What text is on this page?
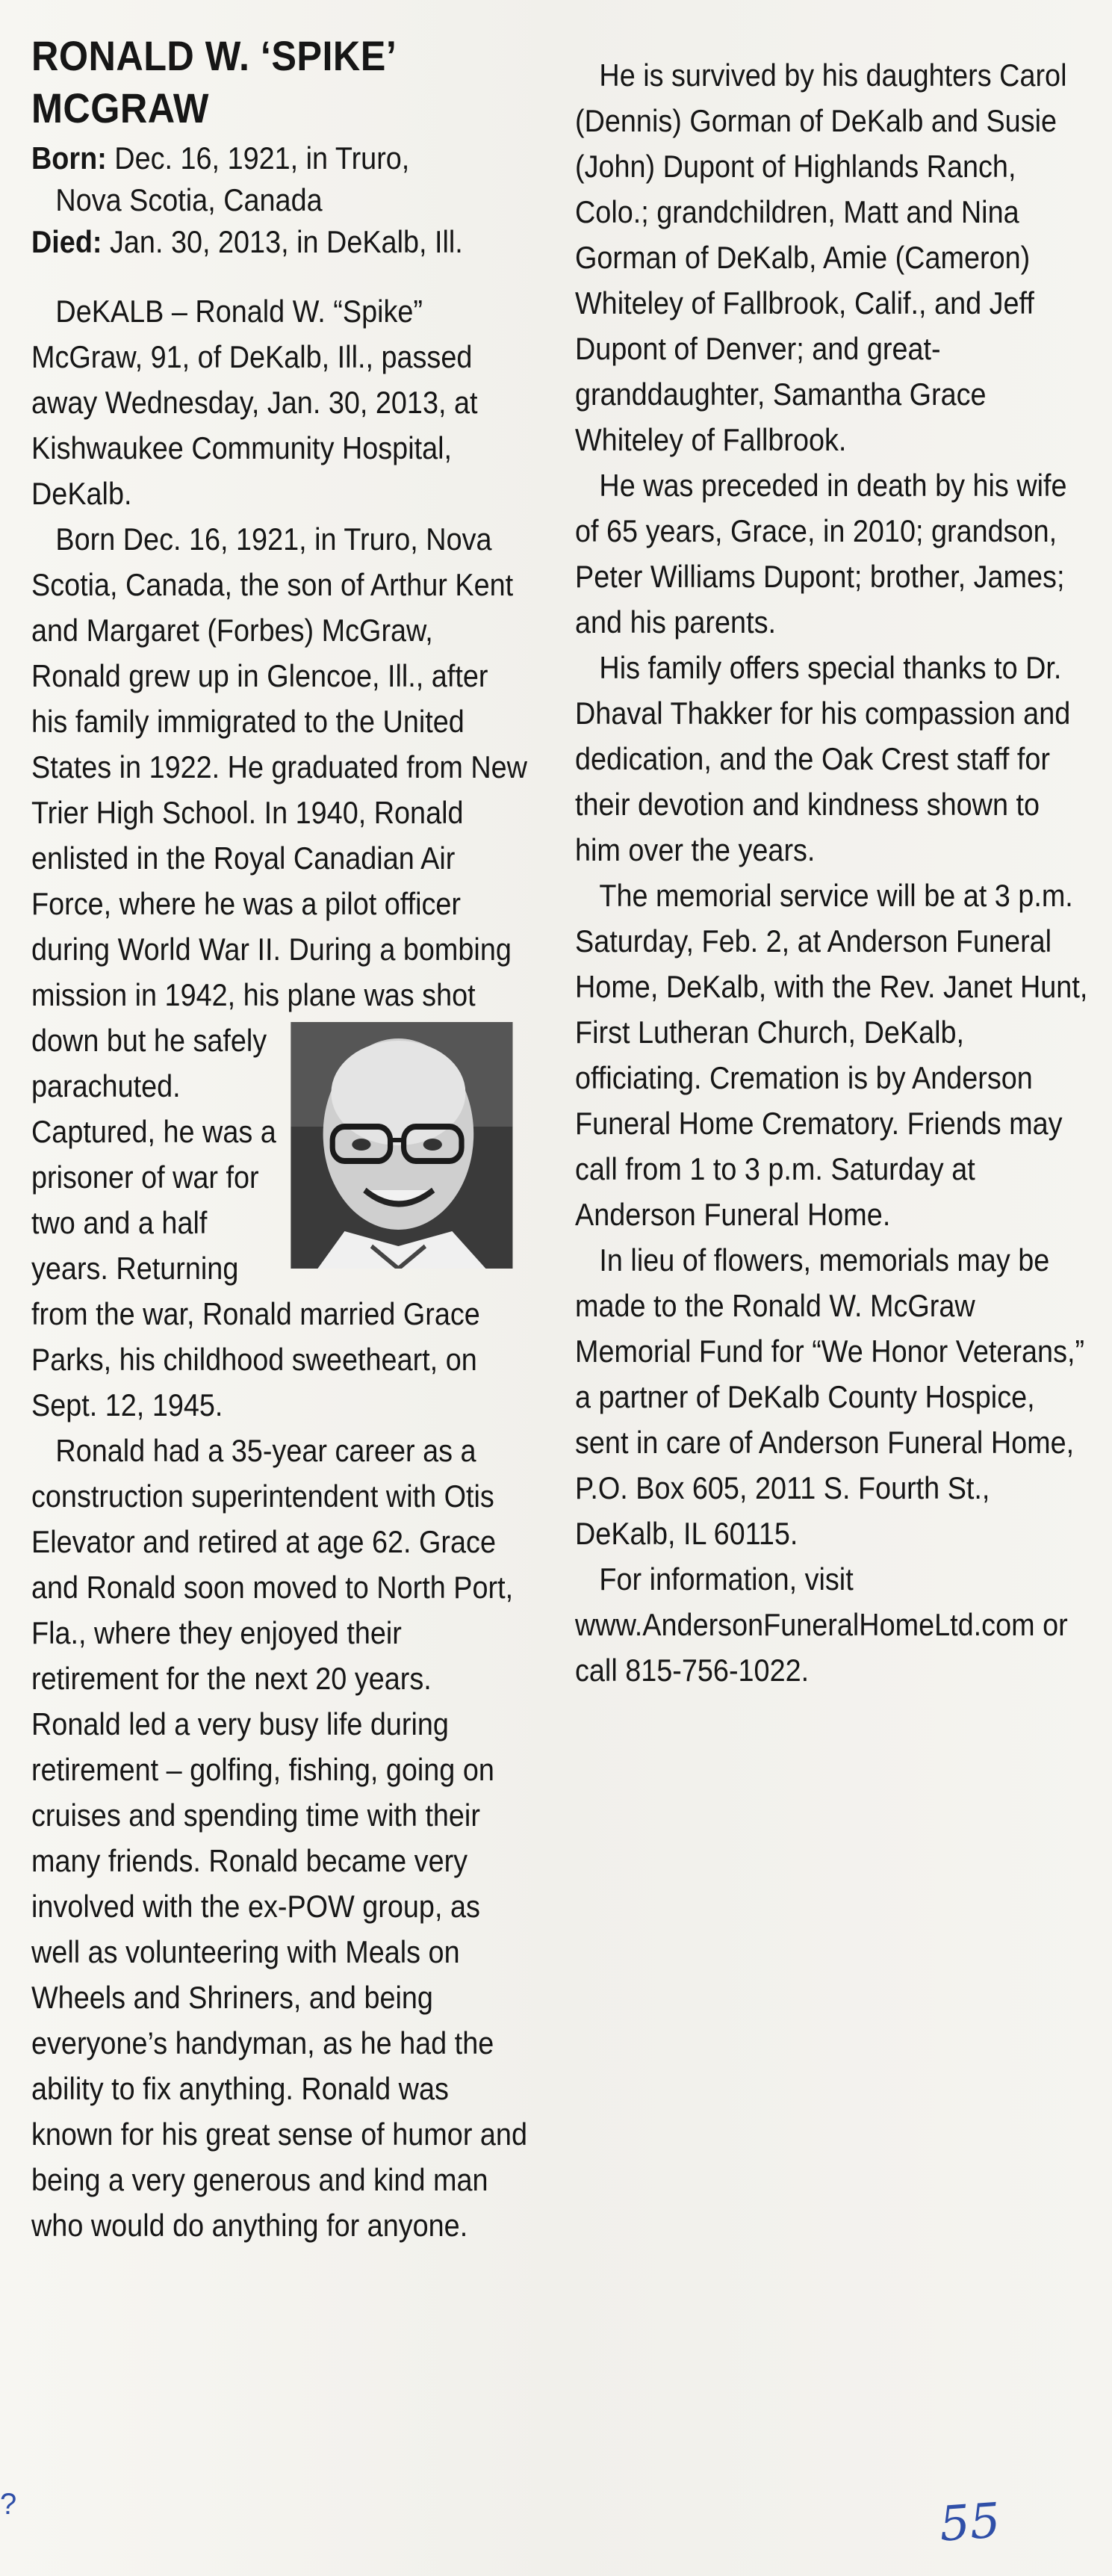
RONALD W. ‘SPIKE’
MCGRAW

Born: Dec. 16, 1921, in Truro,

Nova Scotia, Canada

Died: Jan. 30, 2013, in DeKalb, Ill.

DeKALB – Ronald W. “Spike” McGraw, 91, of DeKalb, Ill., passed away Wednesday, Jan. 30, 2013, at Kishwaukee Community Hospital, DeKalb.

Born Dec. 16, 1921, in Truro, Nova Scotia, Canada, the son of Arthur Kent and Margaret (Forbes) McGraw, Ronald grew up in Glencoe, Ill., after his family immigrated to the United States in 1922. He graduated from New Trier High School. In 1940, Ronald enlisted in the Royal Canadian Air Force, where he was a pilot officer during World War II. During a bombing mission in 1942, his plane was shot down but he safely parachuted. Captured, he was a prisoner of war for two and a half years. Returning from the war, Ronald married Grace Parks, his childhood sweetheart, on Sept. 12, 1945.

Ronald had a 35-year career as a construction superintendent with Otis Elevator and retired at age 62. Grace and Ronald soon moved to North Port, Fla., where they enjoyed their retirement for the next 20 years. Ronald led a very busy life during retirement – golfing, fishing, going on cruises and spending time with their many friends. Ronald became very involved with the ex-POW group, as well as volunteering with Meals on Wheels and Shriners, and being everyone’s handyman, as he had the ability to fix anything. Ronald was known for his great sense of humor and being a very generous and kind man who would do anything for anyone.

He is survived by his daughters Carol (Dennis) Gorman of DeKalb and Susie (John) Dupont of Highlands Ranch, Colo.; grandchildren, Matt and Nina Gorman of DeKalb, Amie (Cameron) Whiteley of Fallbrook, Calif., and Jeff Dupont of Denver; and great-granddaughter, Samantha Grace Whiteley of Fallbrook.

He was preceded in death by his wife of 65 years, Grace, in 2010; grandson, Peter Williams Dupont; brother, James; and his parents.

His family offers special thanks to Dr. Dhaval Thakker for his compassion and dedication, and the Oak Crest staff for their devotion and kindness shown to him over the years.

The memorial service will be at 3 p.m. Saturday, Feb. 2, at Anderson Funeral Home, DeKalb, with the Rev. Janet Hunt, First Lutheran Church, DeKalb, officiating. Cremation is by Anderson Funeral Home Crematory. Friends may call from 1 to 3 p.m. Saturday at Anderson Funeral Home.

In lieu of flowers, memorials may be made to the Ronald W. McGraw Memorial Fund for “We Honor Veterans,” a partner of DeKalb County Hospice, sent in care of Anderson Funeral Home, P.O. Box 605, 2011 S. Fourth St., DeKalb, IL 60115.

For information, visit www.AndersonFuneralHomeLtd.com or call 815-756-1022.

?	55
